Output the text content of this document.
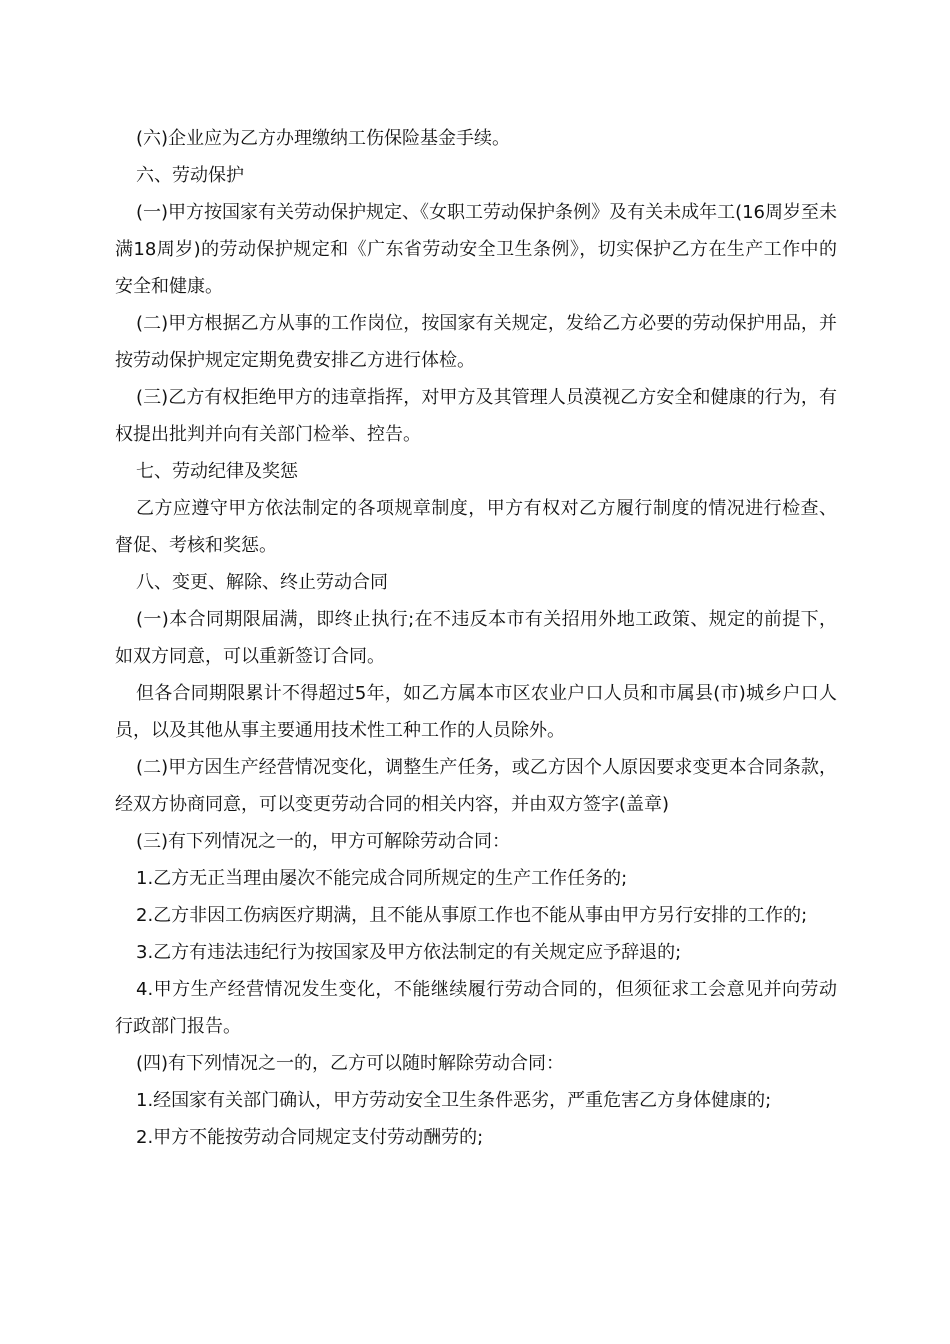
(六)企业应为乙方办理缴纳工伤保险基金手续。

六、劳动保护

(一)甲方按国家有关劳动保护规定、《女职工劳动保护条例》及有关未成年工(16周岁至未满18周岁)的劳动保护规定和《广东省劳动安全卫生条例》，切实保护乙方在生产工作中的安全和健康。

(二)甲方根据乙方从事的工作岗位，按国家有关规定，发给乙方必要的劳动保护用品，并按劳动保护规定定期免费安排乙方进行体检。

(三)乙方有权拒绝甲方的违章指挥，对甲方及其管理人员漠视乙方安全和健康的行为，有权提出批判并向有关部门检举、控告。

七、劳动纪律及奖惩

乙方应遵守甲方依法制定的各项规章制度，甲方有权对乙方履行制度的情况进行检查、督促、考核和奖惩。

八、变更、解除、终止劳动合同

(一)本合同期限届满，即终止执行;在不违反本市有关招用外地工政策、规定的前提下，如双方同意，可以重新签订合同。

但各合同期限累计不得超过5年，如乙方属本市区农业户口人员和市属县(市)城乡户口人员，以及其他从事主要通用技术性工种工作的人员除外。

(二)甲方因生产经营情况变化，调整生产任务，或乙方因个人原因要求变更本合同条款，经双方协商同意，可以变更劳动合同的相关内容，并由双方签字(盖章)

(三)有下列情况之一的，甲方可解除劳动合同：

1.乙方无正当理由屡次不能完成合同所规定的生产工作任务的;

2.乙方非因工伤病医疗期满，且不能从事原工作也不能从事由甲方另行安排的工作的;

3.乙方有违法违纪行为按国家及甲方依法制定的有关规定应予辞退的;

4.甲方生产经营情况发生变化，不能继续履行劳动合同的，但须征求工会意见并向劳动行政部门报告。

(四)有下列情况之一的，乙方可以随时解除劳动合同：

1.经国家有关部门确认，甲方劳动安全卫生条件恶劣，严重危害乙方身体健康的;

2.甲方不能按劳动合同规定支付劳动酬劳的;
